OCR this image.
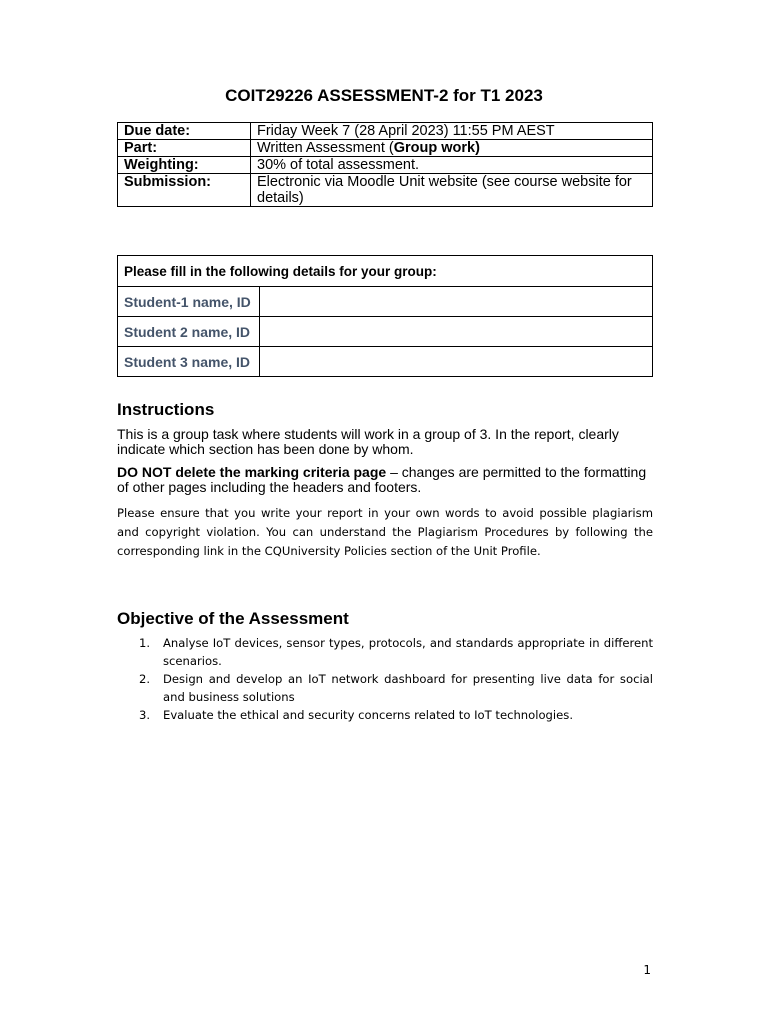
COIT29226 ASSESSMENT-2 for T1 2023
Due date:	Friday Week 7 (28 April 2023) 11:55 PM AEST
Part:	Written Assessment (Group work)
Weighting:	30% of total assessment.
Submission:	Electronic via Moodle Unit website (see course website for details)
Please fill in the following details for your group:	
Student-1 name, ID	
Student 2 name, ID	
Student 3 name, ID	
Instructions
This is a group task where students will work in a group of 3. In the report, clearly indicate which section has been done by whom.
DO NOT delete the marking criteria page – changes are permitted to the formatting of other pages including the headers and footers.
Please ensure that you write your report in your own words to avoid possible plagiarism and copyright violation. You can understand the Plagiarism Procedures by following the corresponding link in the CQUniversity Policies section of the Unit Profile.
Objective of the Assessment
1. Analyse IoT devices, sensor types, protocols, and standards appropriate in different scenarios.
2. Design and develop an IoT network dashboard for presenting live data for social and business solutions
3. Evaluate the ethical and security concerns related to IoT technologies.
1
